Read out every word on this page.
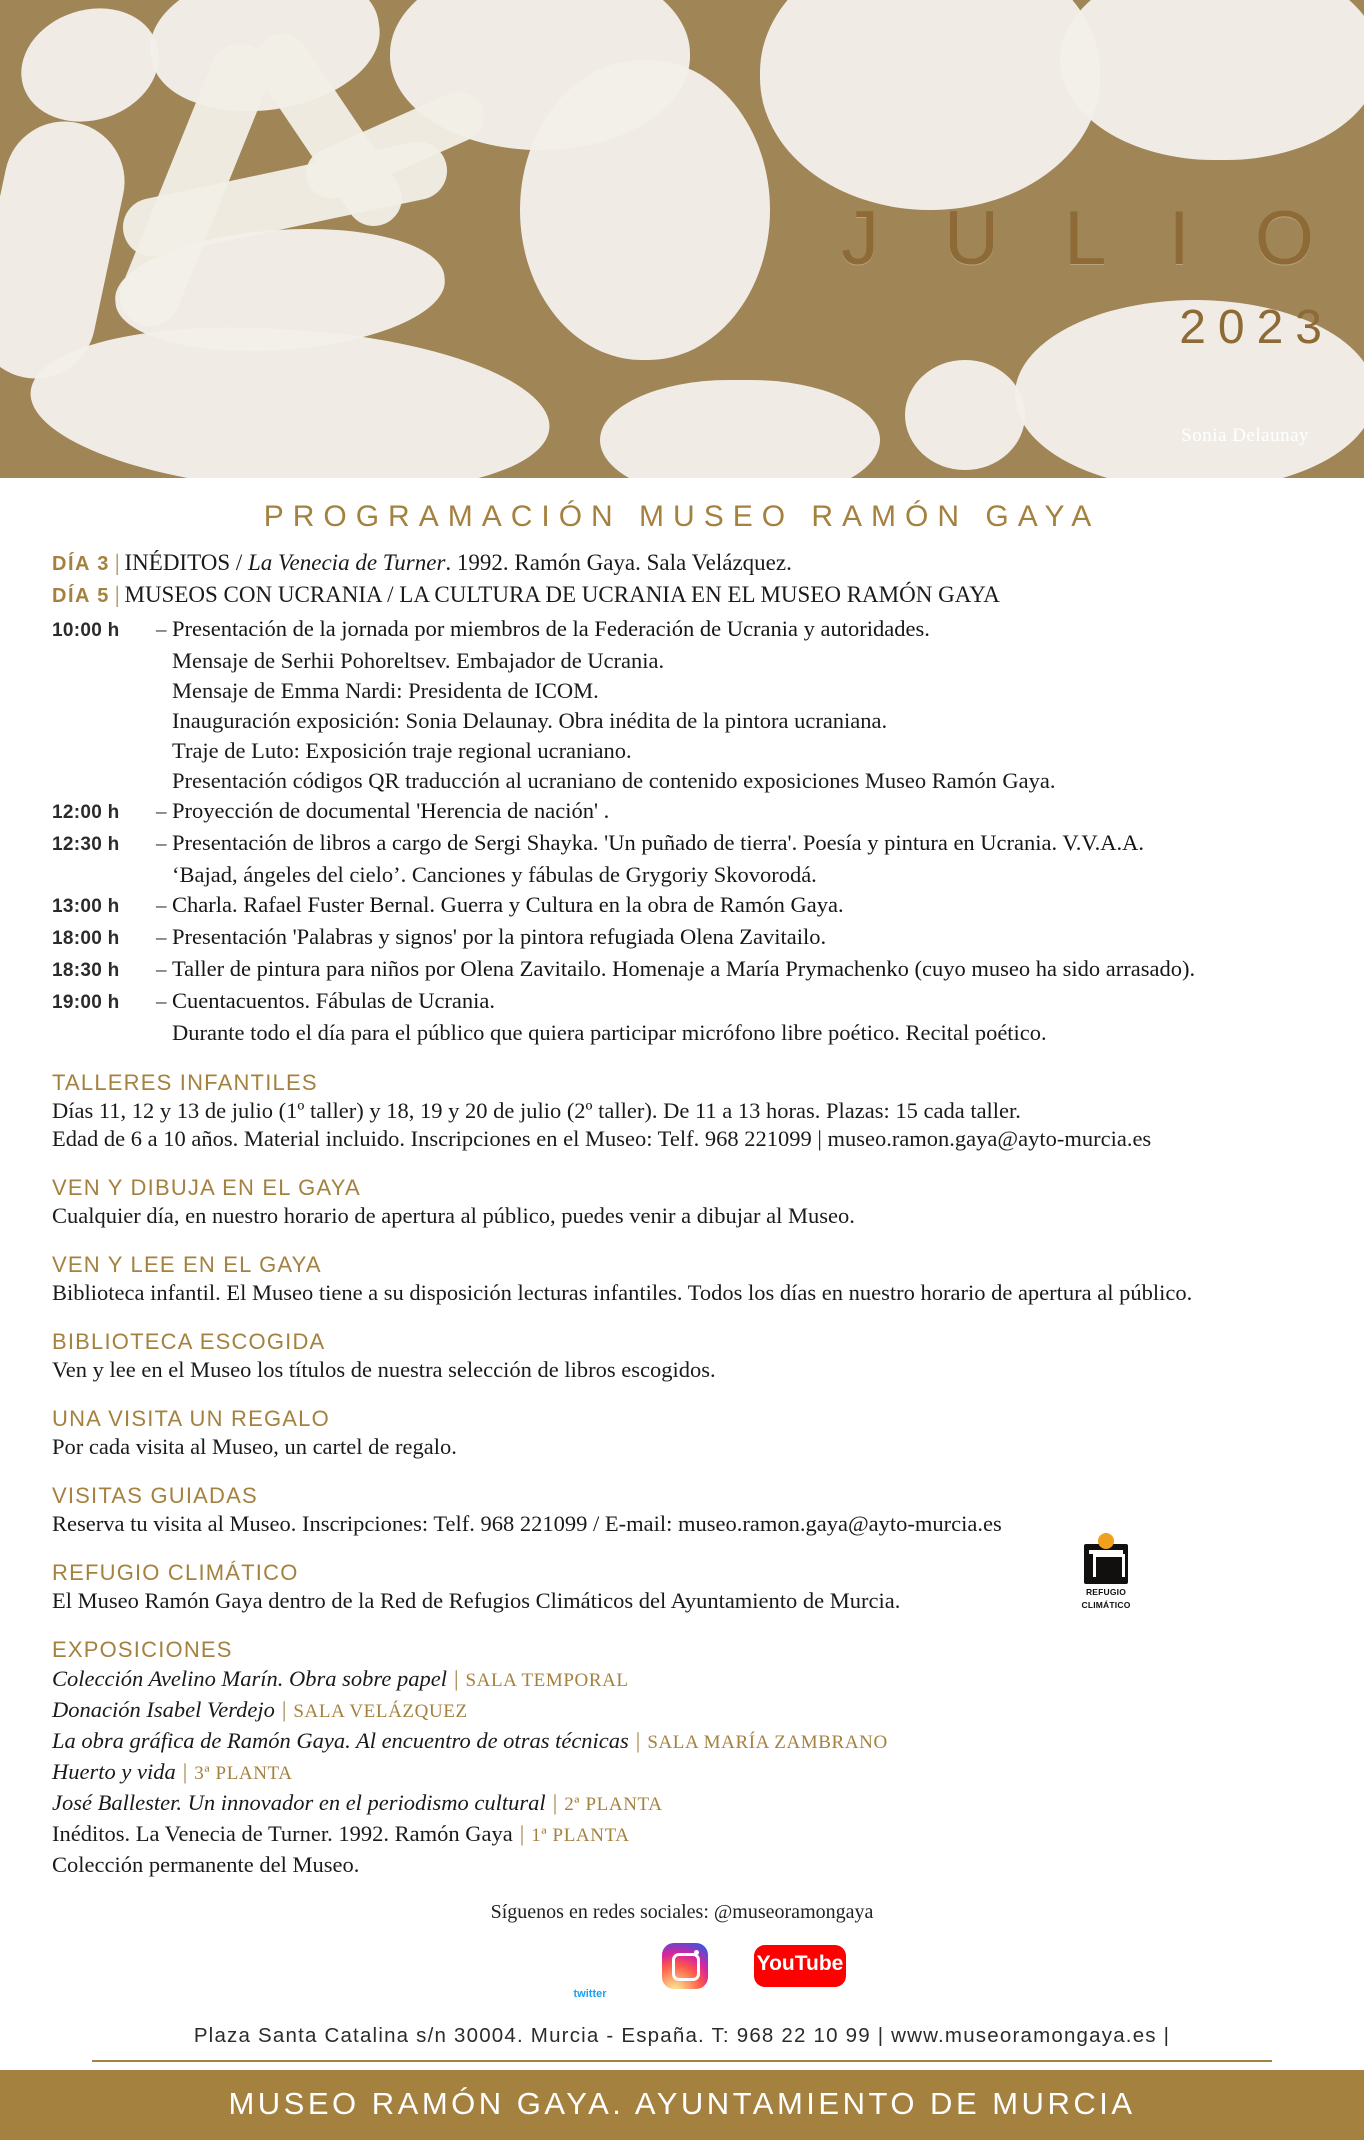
J U L I O
2023
Sonia Delaunay
PROGRAMACIÓN MUSEO RAMÓN GAYA
DÍA 3 | INÉDITOS / La Venecia de Turner. 1992. Ramón Gaya. Sala Velázquez.
DÍA 5 | MUSEOS CON UCRANIA / LA CULTURA DE UCRANIA EN EL MUSEO RAMÓN GAYA
10:00 h	– Presentación de la jornada por miembros de la Federación de Ucrania y autoridades.
Mensaje de Serhii Pohoreltsev. Embajador de Ucrania.
Mensaje de Emma Nardi: Presidenta de ICOM.
Inauguración exposición: Sonia Delaunay. Obra inédita de la pintora ucraniana.
Traje de Luto: Exposición traje regional ucraniano.
Presentación códigos QR traducción al ucraniano de contenido exposiciones Museo Ramón Gaya.
12:00 h	– Proyección de documental 'Herencia de nación' .
12:30 h	– Presentación de libros a cargo de Sergi Shayka. 'Un puñado de tierra'. Poesía y pintura en Ucrania. V.V.A.A.
‘Bajad, ángeles del cielo’. Canciones y fábulas de Grygoriy Skovorodá.
13:00 h	– Charla. Rafael Fuster Bernal. Guerra y Cultura en la obra de Ramón Gaya.
18:00 h	– Presentación 'Palabras y signos' por la pintora refugiada Olena Zavitailo.
18:30 h	– Taller de pintura para niños por Olena Zavitailo. Homenaje a María Prymachenko (cuyo museo ha sido arrasado).
19:00 h	– Cuentacuentos. Fábulas de Ucrania.
Durante todo el día para el público que quiera participar micrófono libre poético. Recital poético.
TALLERES INFANTILES
Días 11, 12 y 13 de julio (1º taller) y 18, 19 y 20 de julio (2º taller). De 11 a 13 horas. Plazas: 15 cada taller.
Edad de 6 a 10 años. Material incluido. Inscripciones en el Museo: Telf. 968 221099 | museo.ramon.gaya@ayto-murcia.es
VEN Y DIBUJA EN EL GAYA
Cualquier día, en nuestro horario de apertura al público, puedes venir a dibujar al Museo.
VEN Y LEE EN EL GAYA
Biblioteca infantil. El Museo tiene a su disposición lecturas infantiles. Todos los días en nuestro horario de apertura al público.
BIBLIOTECA ESCOGIDA
Ven y lee en el Museo los títulos de nuestra selección de libros escogidos.
UNA VISITA UN REGALO
Por cada visita al Museo, un cartel de regalo.
VISITAS GUIADAS
Reserva tu visita al Museo. Inscripciones: Telf. 968 221099 / E-mail: museo.ramon.gaya@ayto-murcia.es
REFUGIO CLIMÁTICO
El Museo Ramón Gaya dentro de la Red de Refugios Climáticos del Ayuntamiento de Murcia.	REFUGIO
CLIMÁTICO
EXPOSICIONES
Colección Avelino Marín. Obra sobre papel | SALA TEMPORAL
Donación Isabel Verdejo | SALA VELÁZQUEZ
La obra gráfica de Ramón Gaya. Al encuentro de otras técnicas | SALA MARÍA ZAMBRANO
Huerto y vida | 3ª PLANTA
José Ballester. Un innovador en el periodismo cultural | 2ª PLANTA
Inéditos. La Venecia de Turner. 1992. Ramón Gaya | 1ª PLANTA
Colección permanente del Museo.
Síguenos en redes sociales: @museoramongaya
twitter
YouTube
Plaza Santa Catalina s/n 30004. Murcia - España. T: 968 22 10 99 | www.museoramongaya.es |
MUSEO RAMÓN GAYA. AYUNTAMIENTO DE MURCIA
